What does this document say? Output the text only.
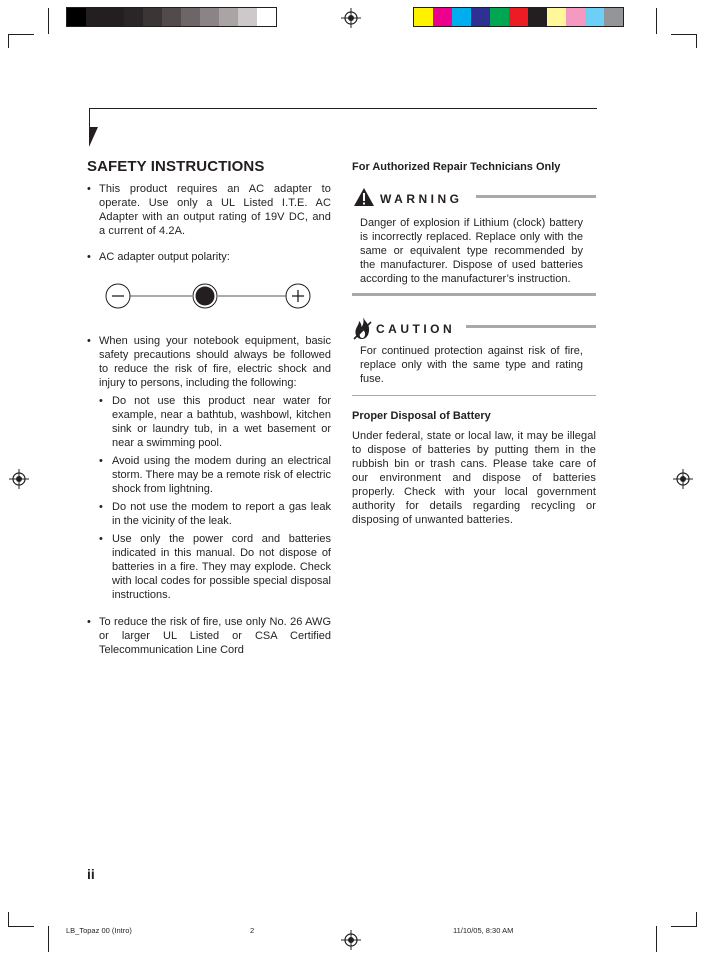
SAFETY INSTRUCTIONS
• This product requires an AC adapter to operate. Use only a UL Listed I.T.E. AC Adapter with an output rating of 19V DC, and a current of 4.2A.
• AC adapter output polarity:
• When using your notebook equipment, basic safety precautions should always be followed to reduce the risk of fire, electric shock and injury to persons, including the following:
• Do not use this product near water for example, near a bathtub, washbowl, kitchen sink or laundry tub, in a wet basement or near a swimming pool.
• Avoid using the modem during an electrical storm. There may be a remote risk of electric shock from lightning.
• Do not use the modem to report a gas leak in the vicinity of the leak.
• Use only the power cord and batteries indicated in this manual. Do not dispose of batteries in a fire. They may explode. Check with local codes for possible special disposal instructions.
• To reduce the risk of fire, use only No. 26 AWG or larger UL Listed or CSA Certified Telecommunication Line Cord
For Authorized Repair Technicians Only
WARNING
Danger of explosion if Lithium (clock) battery is incorrectly replaced. Replace only with the same or equivalent type recommended by the manufacturer. Dispose of used batteries according to the manufacturer’s instruction.
CAUTION
For continued protection against risk of fire, replace only with the same type and rating fuse.
Proper Disposal of Battery
Under federal, state or local law, it may be illegal to dispose of batteries by putting them in the rubbish bin or trash cans. Please take care of our environment and dispose of batteries properly. Check with your local government authority for details regarding recycling or disposing of unwanted batteries.
ii
LB_Topaz 00 (Intro)	2	11/10/05, 8:30 AM
